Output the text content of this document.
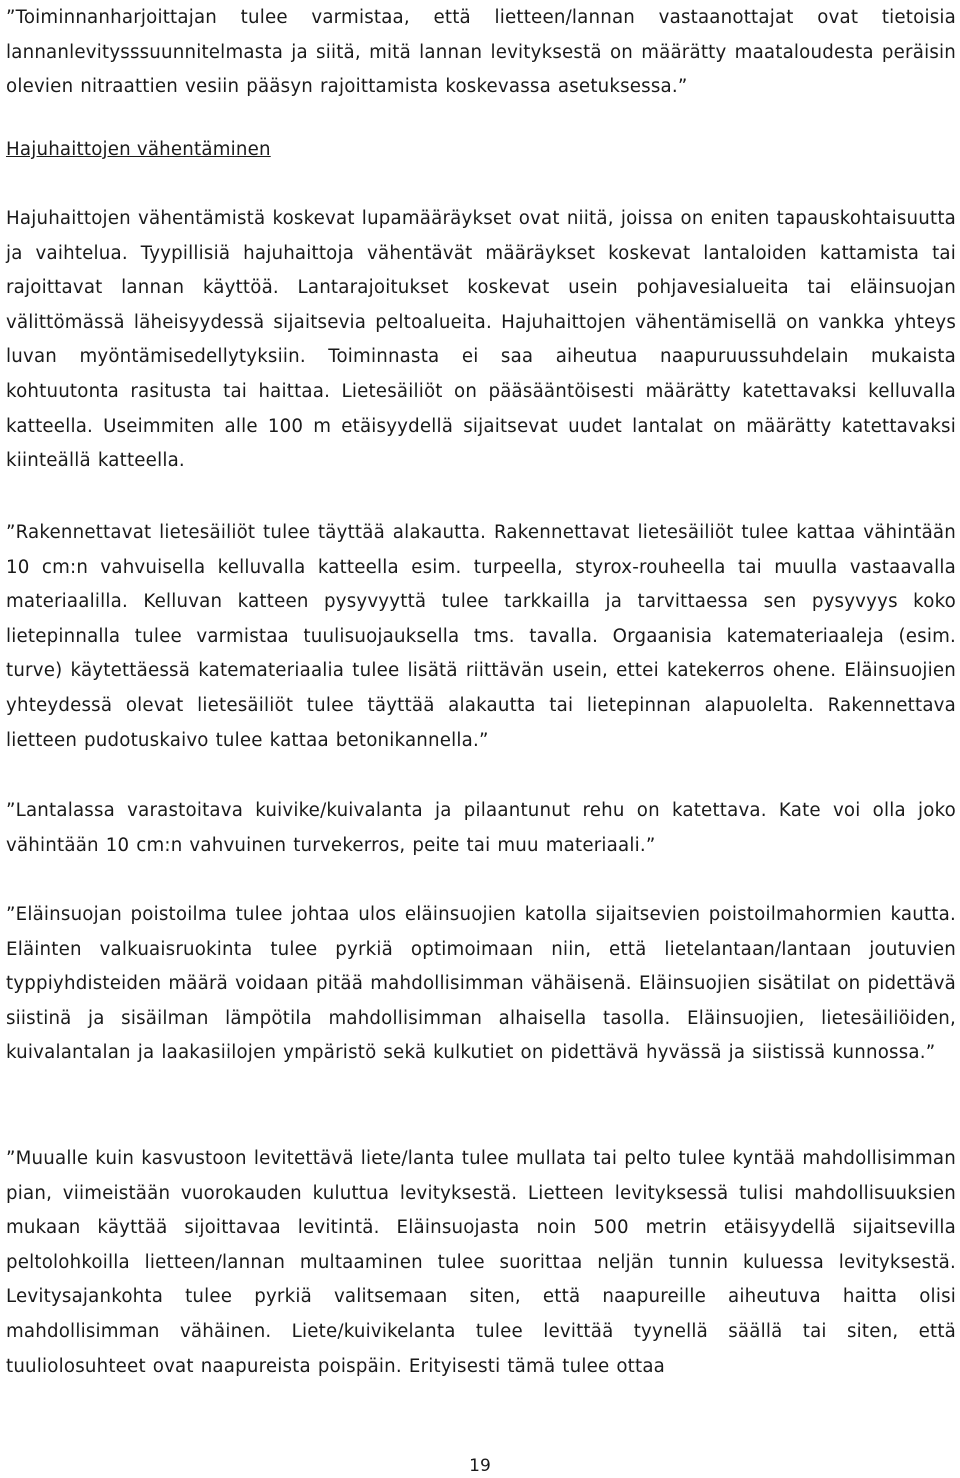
”Toiminnanharjoittajan tulee varmistaa, että lietteen/lannan vastaanottajat ovat tietoisia lannanlevitysssuunnitelmasta ja siitä, mitä lannan levityksestä on määrätty maataloudesta peräisin olevien nitraattien vesiin pääsyn rajoittamista koskevassa asetuksessa.”

Hajuhaittojen vähentäminen

Hajuhaittojen vähentämistä koskevat lupamääräykset ovat niitä, joissa on eniten tapauskohtaisuutta ja vaihtelua. Tyypillisiä hajuhaittoja vähentävät määräykset koskevat lantaloiden kattamista tai rajoittavat lannan käyttöä. Lantarajoitukset koskevat usein pohjavesialueita tai eläinsuojan välittömässä läheisyydessä sijaitsevia peltoalueita. Hajuhaittojen vähentämisellä on vankka yhteys luvan myöntämisedellytyksiin. Toiminnasta ei saa aiheutua naapuruussuhdelain mukaista kohtuutonta rasitusta tai haittaa. Lietesäiliöt on pääsääntöisesti määrätty katettavaksi kelluvalla katteella. Useimmiten alle 100 m etäisyydellä sijaitsevat uudet lantalat on määrätty katettavaksi kiinteällä katteella.

”Rakennettavat lietesäiliöt tulee täyttää alakautta. Rakennettavat lietesäiliöt tulee kattaa vähintään 10 cm:n vahvuisella kelluvalla katteella esim. turpeella, styrox-rouheella tai muulla vastaavalla materiaalilla. Kelluvan katteen pysyvyyttä tulee tarkkailla ja tarvittaessa sen pysyvyys koko lietepinnalla tulee varmistaa tuulisuojauksella tms. tavalla. Orgaanisia katemateriaaleja (esim. turve) käytettäessä katemateriaalia tulee lisätä riittävän usein, ettei katekerros ohene. Eläinsuojien yhteydessä olevat lietesäiliöt tulee täyttää alakautta tai lietepinnan alapuolelta. Rakennettava lietteen pudotuskaivo tulee kattaa betonikannella.”

”Lantalassa varastoitava kuivike/kuivalanta ja pilaantunut rehu on katettava. Kate voi olla joko vähintään 10 cm:n vahvuinen turvekerros, peite tai muu materiaali.”

”Eläinsuojan poistoilma tulee johtaa ulos eläinsuojien katolla sijaitsevien poistoilmahormien kautta. Eläinten valkuaisruokinta tulee pyrkiä optimoimaan niin, että lietelantaan/lantaan joutuvien typpiyhdisteiden määrä voidaan pitää mahdollisimman vähäisenä. Eläinsuojien sisätilat on pidettävä siistinä ja sisäilman lämpötila mahdollisimman alhaisella tasolla. Eläinsuojien, lietesäiliöiden, kuivalantalan ja laakasiilojen ympäristö sekä kulkutiet on pidettävä hyvässä ja siistissä kunnossa.”

”Muualle kuin kasvustoon levitettävä liete/lanta tulee mullata tai pelto tulee kyntää mahdollisimman pian, viimeistään vuorokauden kuluttua levityksestä. Lietteen levityksessä tulisi mahdollisuuksien mukaan käyttää sijoittavaa levitintä. Eläinsuojasta noin 500 metrin etäisyydellä sijaitsevilla peltolohkoilla lietteen/lannan multaaminen tulee suorittaa neljän tunnin kuluessa levityksestä. Levitysajankohta tulee pyrkiä valitsemaan siten, että naapureille aiheutuva haitta olisi mahdollisimman vähäinen. Liete/kuivikelanta tulee levittää tyynellä säällä tai siten, että tuuliolosuhteet ovat naapureista poispäin. Erityisesti tämä tulee ottaa

19
